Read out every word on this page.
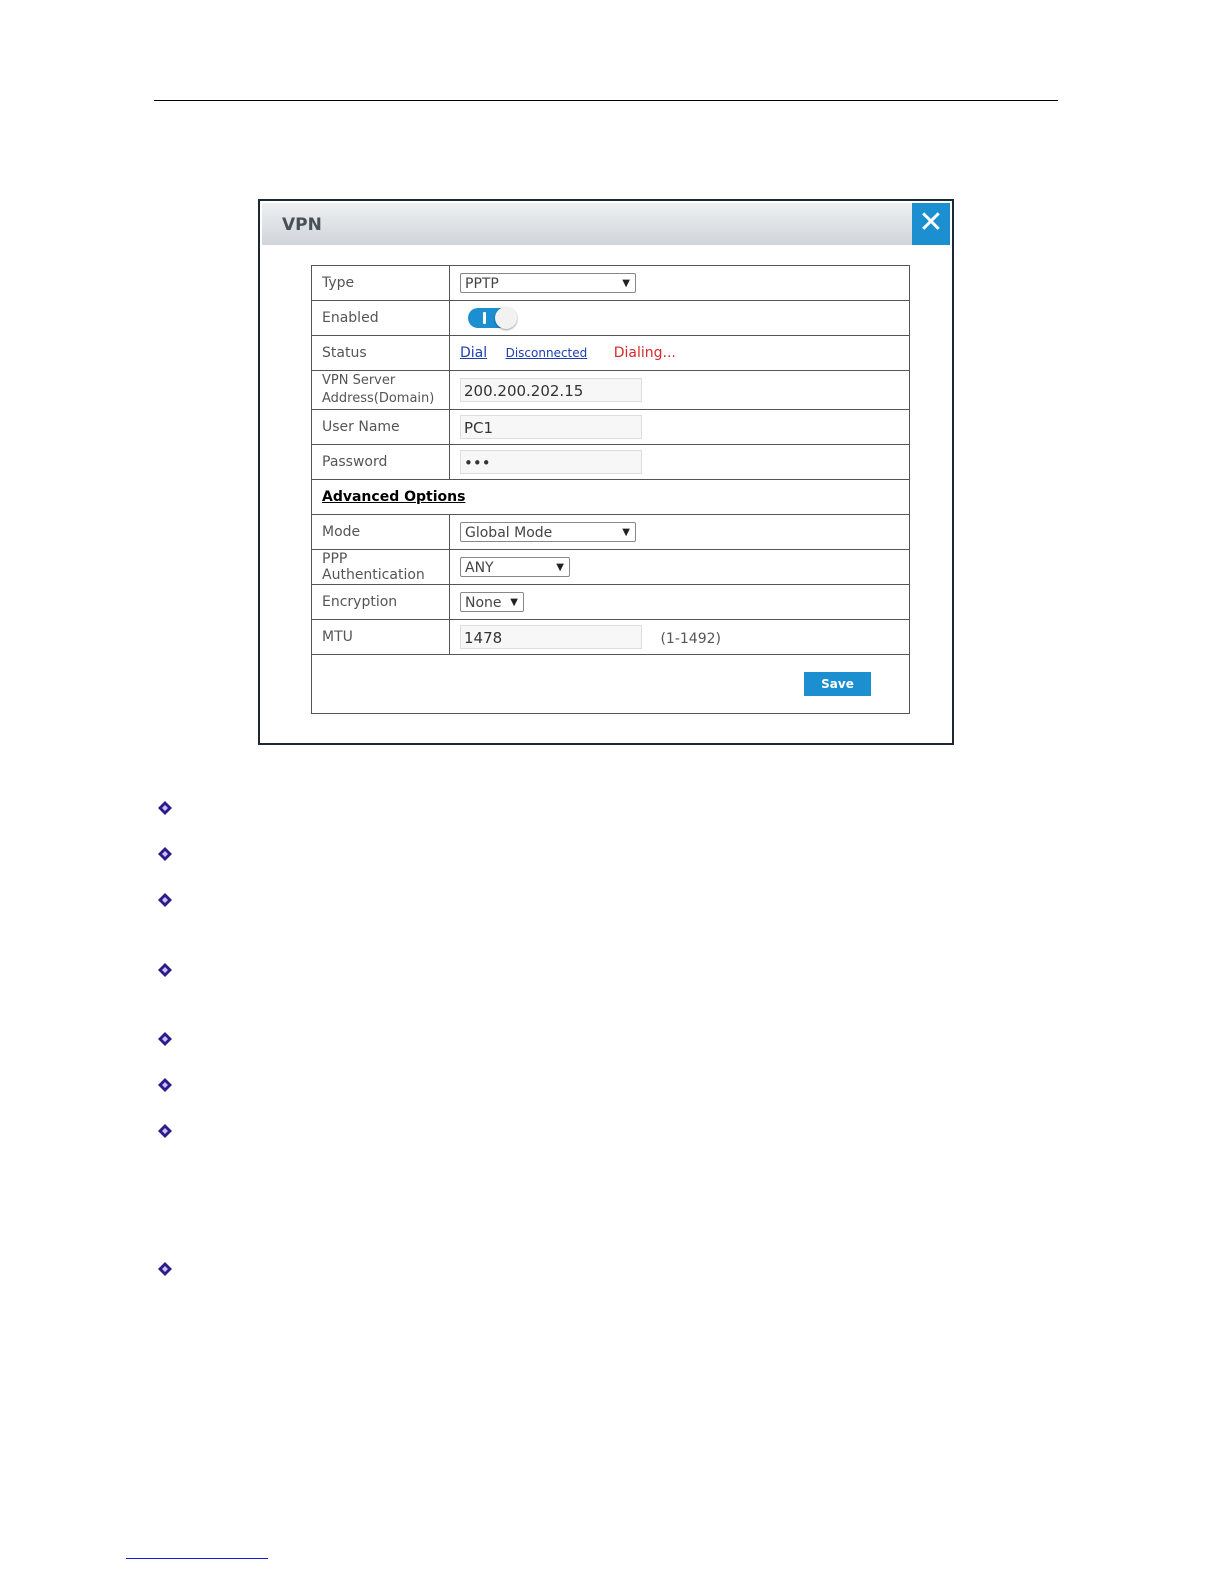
VPN	✕
Type	PPTP ▼

Enabled	

Status	Dial Disconnected Dialing...
VPN Server
Address(Domain)	200.200.202.15
User Name	PC1
Password	•••
Advanced Options	
Mode	Global Mode ▼

PPP Authentication	ANY ▼

Encryption	None ▼

MTU	1478 (1-1492)

Save	
